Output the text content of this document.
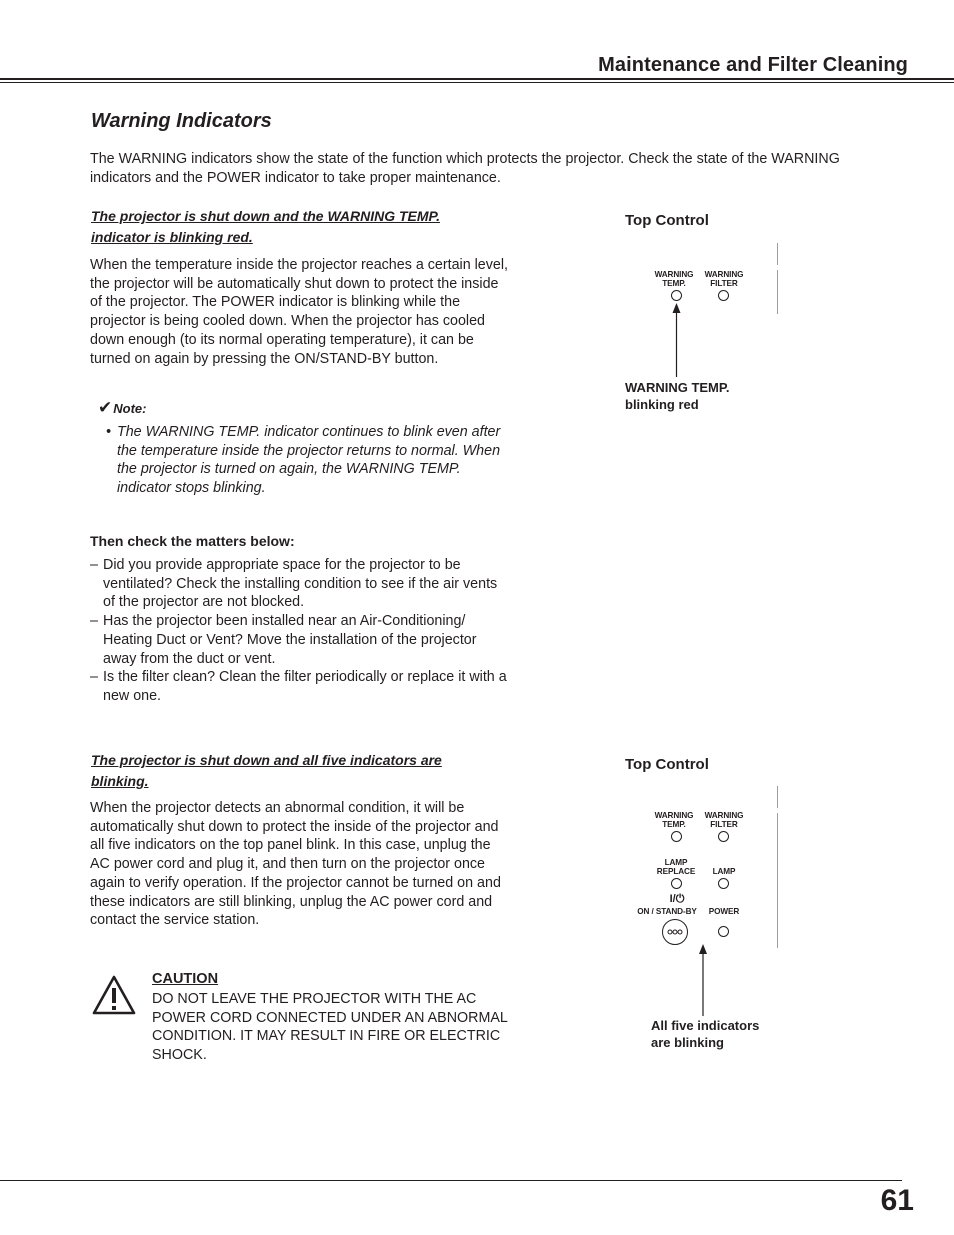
Maintenance and Filter Cleaning
Warning Indicators
The WARNING indicators show the state of the function which protects the projector. Check the state of the WARNING indicators and the POWER indicator to take proper maintenance.
The projector is shut down and the WARNING TEMP. indicator is blinking red.
When the temperature inside the projector reaches a certain level, the projector will be automatically shut down to protect the inside of the projector. The POWER indicator is blinking while the projector is being cooled down. When the projector has cooled down enough (to its normal operating temperature), it can be turned on again by pressing the ON/STAND-BY button.
✔Note:
• The WARNING TEMP. indicator continues to blink even after the temperature inside the projector returns to normal. When the projector is turned on again, the WARNING TEMP. indicator stops blinking.
Then check the matters below:
– Did you provide appropriate space for the projector to be ventilated? Check the installing condition to see if the air vents of the projector are not blocked.
– Has the projector been installed near an Air-Conditioning/ Heating Duct or Vent? Move the installation of the projector away from the duct or vent.
– Is the filter clean? Clean the filter periodically or replace it with a new one.
Top Control
WARNING
TEMP.
WARNING
FILTER
WARNING TEMP.
blinking red
The projector is shut down and all five indicators are blinking.
When the projector detects an abnormal condition, it will be automatically shut down to protect the inside of the projector and all five indicators on the top panel blink. In this case, unplug the AC power cord and plug it, and then turn on the projector once again to verify operation. If the projector cannot be turned on and these indicators are still blinking, unplug the AC power cord and contact the service station.
CAUTION
DO NOT LEAVE THE PROJECTOR WITH THE AC POWER CORD CONNECTED UNDER AN ABNORMAL CONDITION. IT MAY RESULT IN FIRE OR ELECTRIC SHOCK.
Top Control
WARNING
TEMP.
WARNING
FILTER
LAMP
REPLACE	LAMP
I/⏻
ON / STAND-BY	POWER
All five indicators
are blinking
61
